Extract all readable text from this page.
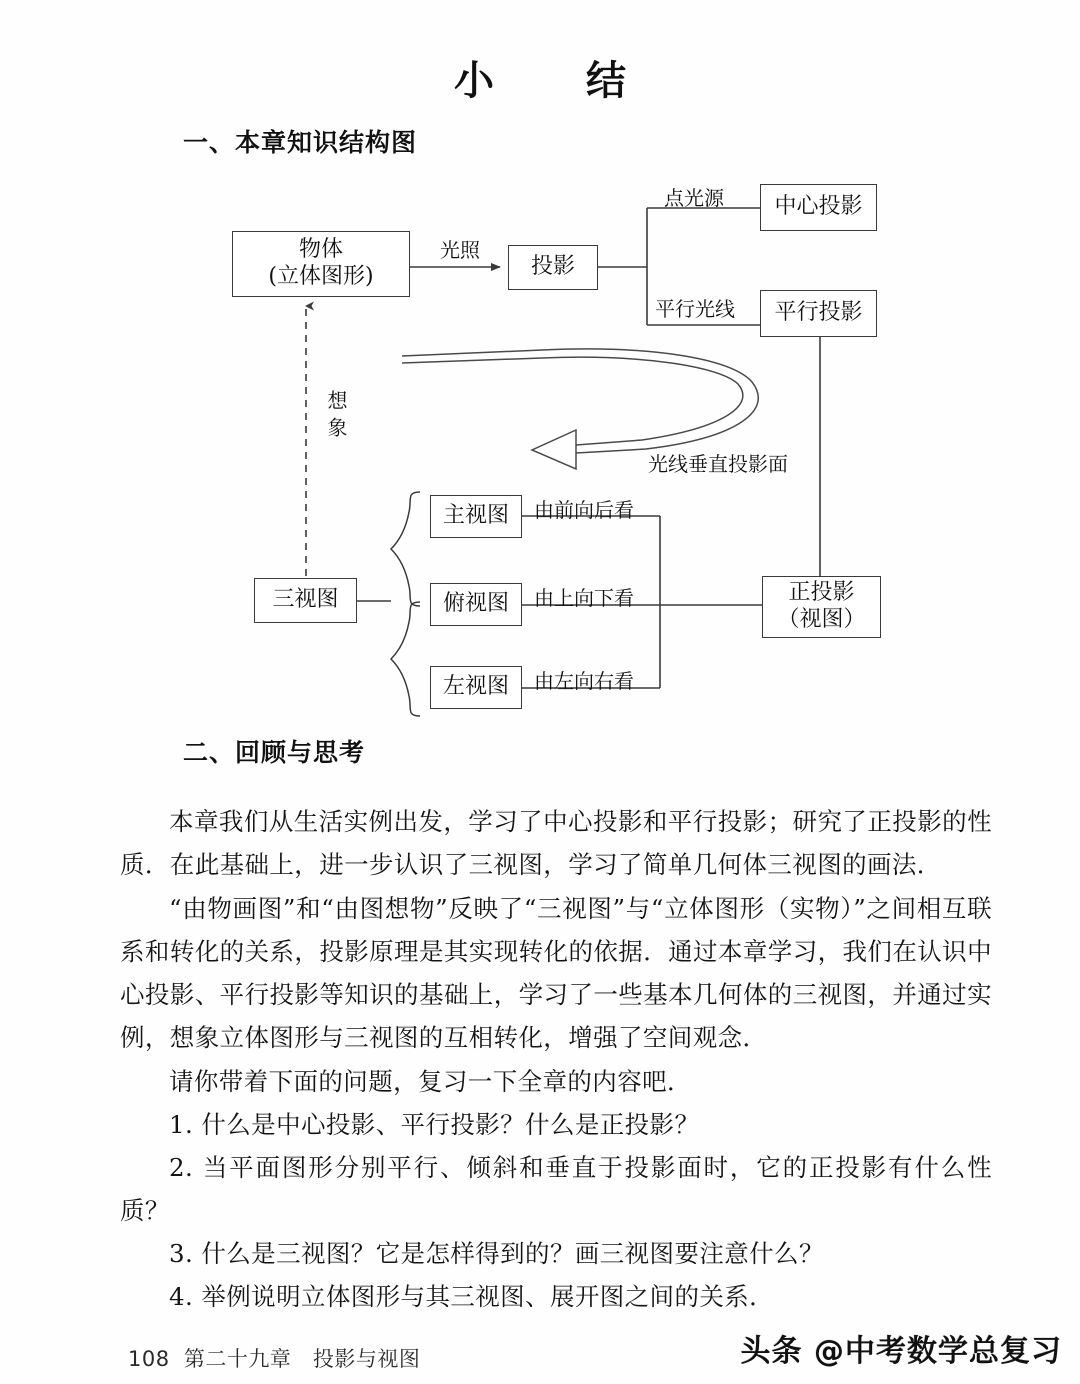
小　结
一、本章知识结构图
物体
(立体图形)	投影
中心投影
平行投影
正投影
（视图）
三视图
主视图
俯视图
左视图
光照
点光源
平行光线
光线垂直投影面
想象
由前向后看
由上向下看
由左向右看
二、回顾与思考

本章我们从生活实例出发，学习了中心投影和平行投影；研究了正投影的性质．在此基础上，进一步认识了三视图，学习了简单几何体三视图的画法．

“由物画图”和“由图想物”反映了“三视图”与“立体图形（实物）”之间相互联系和转化的关系，投影原理是其实现转化的依据．通过本章学习，我们在认识中心投影、平行投影等知识的基础上，学习了一些基本几何体的三视图，并通过实例，想象立体图形与三视图的互相转化，增强了空间观念．

请你带着下面的问题，复习一下全章的内容吧．

1. 什么是中心投影、平行投影？什么是正投影？

2. 当平面图形分别平行、倾斜和垂直于投影面时，它的正投影有什么性质？

3. 什么是三视图？它是怎样得到的？画三视图要注意什么？

4. 举例说明立体图形与其三视图、展开图之间的关系．

108  第二十九章　投影与视图	头条 @中考数学总复习
